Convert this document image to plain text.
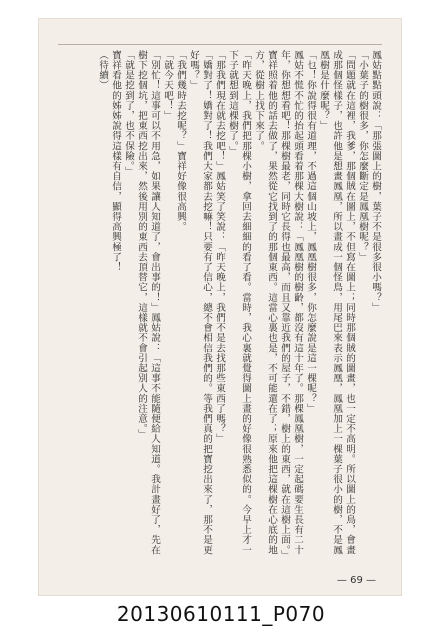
鳳姑點點頭說：「那張圖上的樹，葉子不是很多很小嗎？」

「小葉子的樹很多，你怎麼斷定是鳳凰樹呢？」

「問題就在這裡，我爹，那個賊在圖上，不但寫在圖上；同時那個賊的圖畫，也一定不高明。所以圖上的鳥，會畫成那個怪樣子，也許他是想畫鳳凰，所以畫成一個怪鳥，用尾巴來表示鳳凰，鳳凰加上一棵葉子很小的樹，不是鳳凰樹是什麼呢？」

「乜！你說得很有道理，不過這個山坡上，鳳凰樹很多，你怎麼說是這一棵呢？」

鳳姑不慌不忙的抬起頭看着那棵大樹說：「鳳凰樹的樹齡，都沒有這十年了。那棵鳳凰樹，一定起碼要生長有二十年，你想想看吧！那棵樹最老，同時它長得也最高，而且又靠近我們的屋子，不錯，樹上的東西，就在這樹上面。」

寶祥照着他的話去做了，果然從它找到了的那個東西。這當心裏也是，不可能還在了；原來他把這棵樹在心底的地方，從樹上找下來了。

「昨天晚上，我們把那棵小樹，拿回去細細的看了看。當時，我心裏就覺得圖上畫的好像很熟悉似的。今早上才一下子就想到這棵樹了。」

「那我們現在就去挖吧！」鳳姑笑了笑說：「昨天晚上，我們不是去找那些東西了嗎？」

「嬌對了！嬌對了！我們大家都去挖嘛！只要有了信心，總不會相信我們的。等我們真的把寶挖出來了，那不是更好嗎？」

「我們幾時去挖呢？」寶祥好像很高興。

「就今天吧！」

「別忙！這事可以不用急，如果讓人知道了，會出事的！」鳳姑說：「這事不能隨便給人知道。我計畫好了，先在樹下挖個坑，把東西挖出來，然後用別的東西去頂替它，這樣就不會引起別人的注意。」

「就是挖到了，也不保險。」

寶祥看他的姊姊說得這樣有自信，顯得高興極了！

（待續）

— 69 —
20130610111_P070
